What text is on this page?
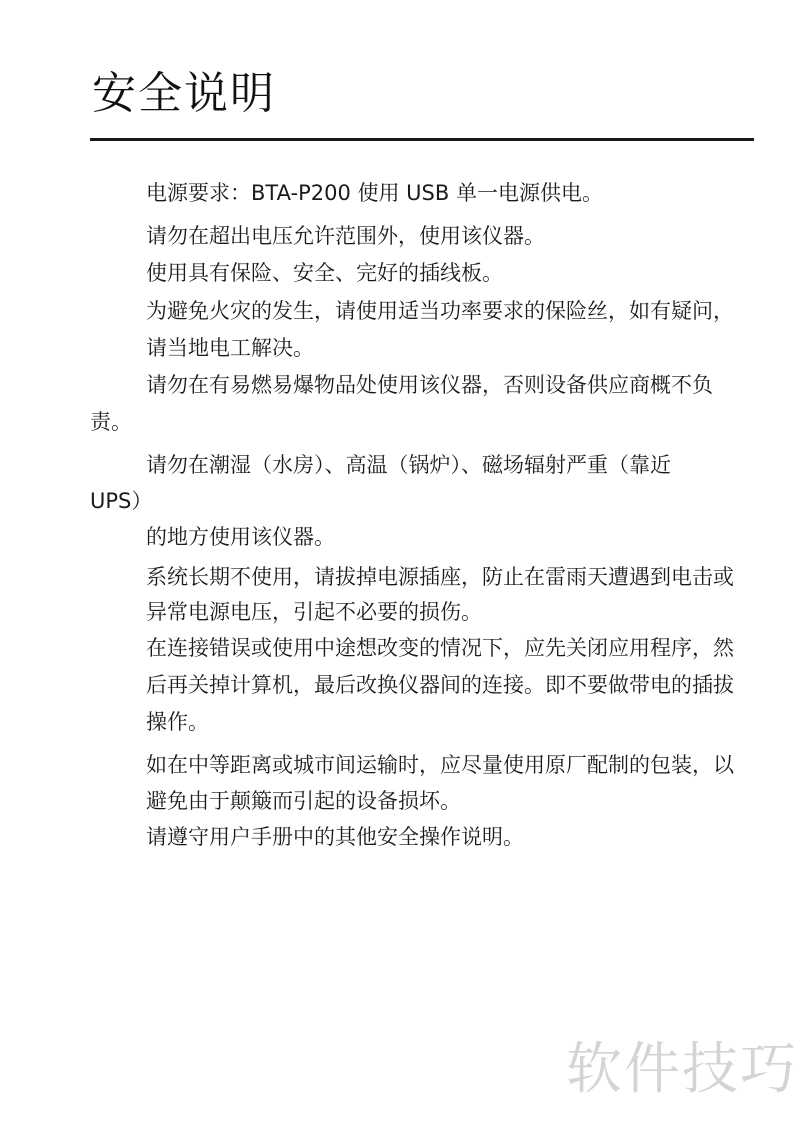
安全说明
电源要求：BTA-P200 使用 USB 单一电源供电。
请勿在超出电压允许范围外，使用该仪器。
使用具有保险、安全、完好的插线板。
为避免火灾的发生，请使用适当功率要求的保险丝，如有疑问，
请当地电工解决。
请勿在有易燃易爆物品处使用该仪器，否则设备供应商概不负
责。
请勿在潮湿（水房）、高温（锅炉）、磁场辐射严重（靠近
UPS）
的地方使用该仪器。
系统长期不使用，请拔掉电源插座，防止在雷雨天遭遇到电击或
异常电源电压，引起不必要的损伤。
在连接错误或使用中途想改变的情况下，应先关闭应用程序，然
后再关掉计算机，最后改换仪器间的连接。即不要做带电的插拔
操作。
如在中等距离或城市间运输时，应尽量使用原厂配制的包装，以
避免由于颠簸而引起的设备损坏。
请遵守用户手册中的其他安全操作说明。
软件技巧
